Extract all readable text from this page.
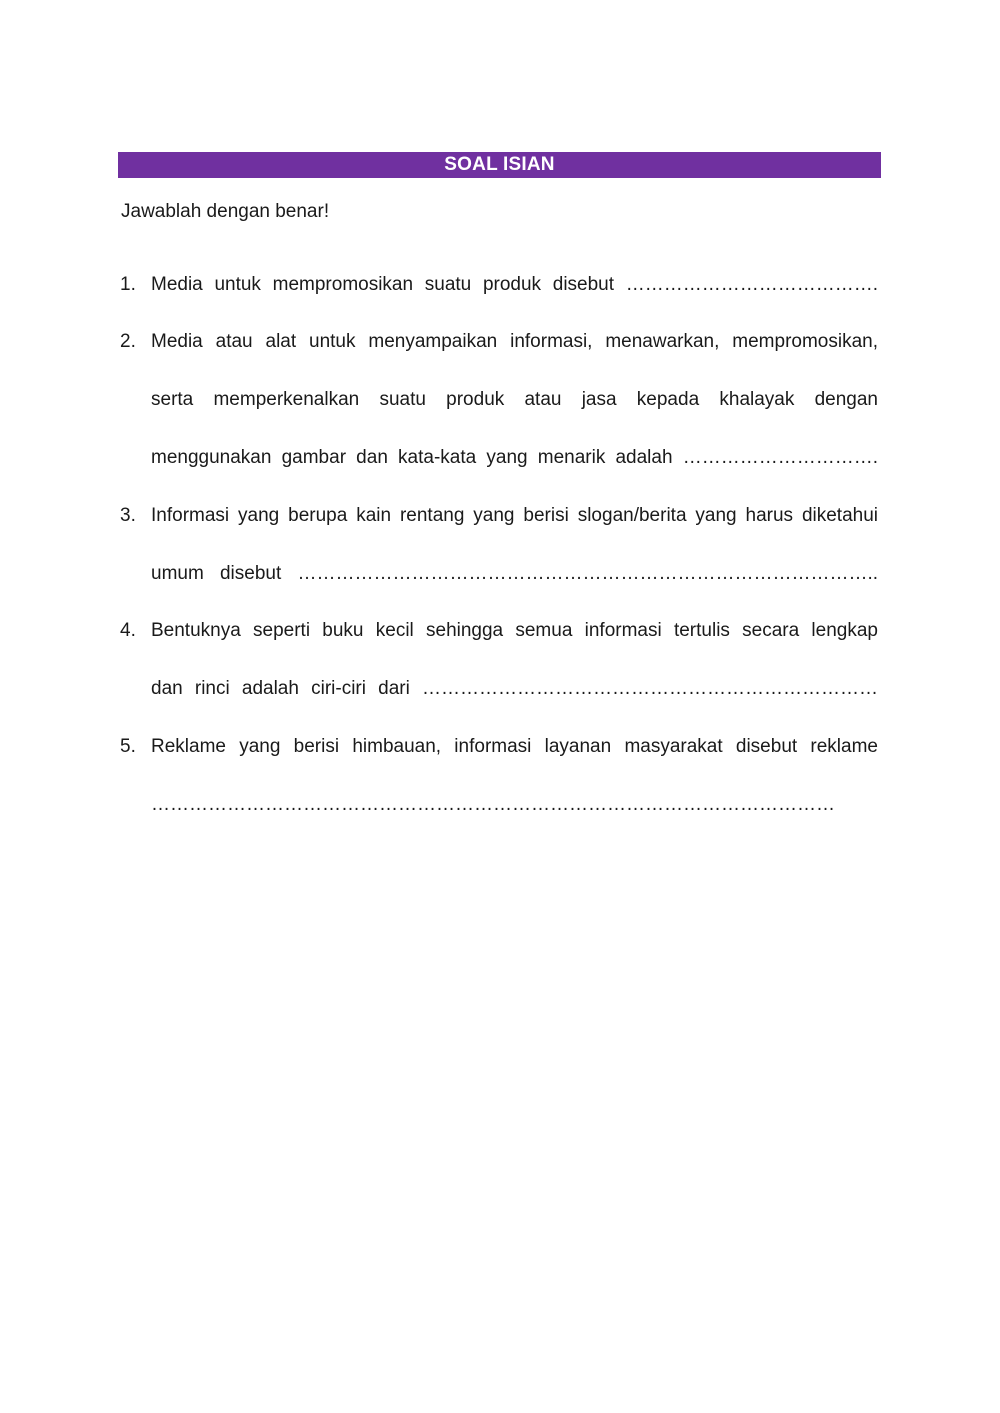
SOAL ISIAN
Jawablah dengan benar!
1. Media untuk mempromosikan suatu produk disebut ………………………………….
2. Media atau alat untuk menyampaikan informasi, menawarkan, mempromosikan,
serta memperkenalkan suatu produk atau jasa kepada khalayak dengan
menggunakan gambar dan kata-kata yang menarik adalah ………………………….
3. Informasi yang berupa kain rentang yang berisi slogan/berita yang harus diketahui
umum disebut ………………………………………………………………………………..
4. Bentuknya seperti buku kecil sehingga semua informasi tertulis secara lengkap
dan rinci adalah ciri-ciri dari ………………………………………………………………
5. Reklame yang berisi himbauan, informasi layanan masyarakat disebut reklame
………………………………………………………………………………………………
